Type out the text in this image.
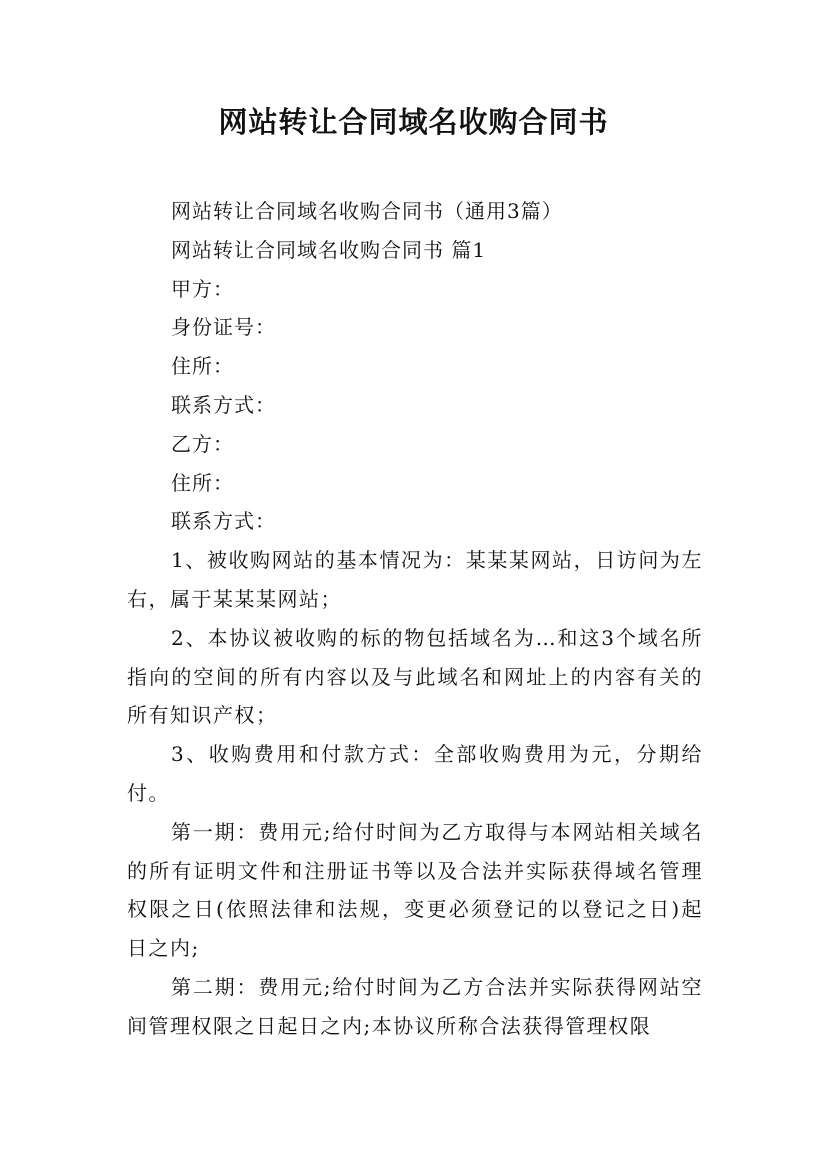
网站转让合同域名收购合同书

网站转让合同域名收购合同书（通用3篇）

网站转让合同域名收购合同书 篇1

甲方：

身份证号：

住所：

联系方式：

乙方：

住所：

联系方式：

1、被收购网站的基本情况为：某某某网站，日访问为左右，属于某某某网站；

2、本协议被收购的标的物包括域名为…和这3个域名所指向的空间的所有内容以及与此域名和网址上的内容有关的所有知识产权；

3、收购费用和付款方式：全部收购费用为元，分期给付。

第一期：费用元;给付时间为乙方取得与本网站相关域名的所有证明文件和注册证书等以及合法并实际获得域名管理权限之日(依照法律和法规，变更必须登记的以登记之日)起日之内;

第二期：费用元;给付时间为乙方合法并实际获得网站空间管理权限之日起日之内;本协议所称合法获得管理权限
